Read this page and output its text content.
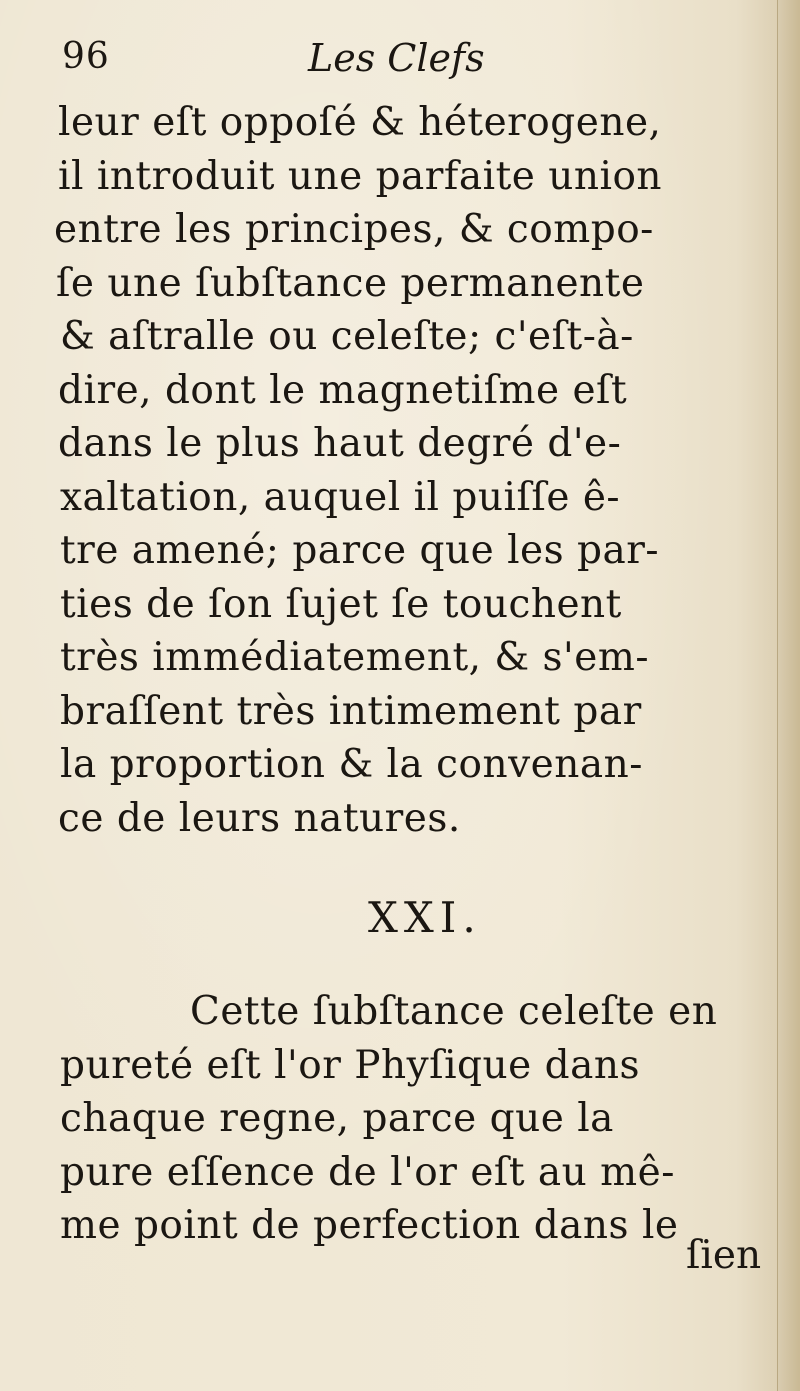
96	Les Clefs
leur eſt oppoſé & héterogene,
il introduit une parfaite union
entre les principes, & compo-
ſe une ſubſtance permanente
& aſtralle ou celeſte; c'eſt-à-
dire, dont le magnetiſme eſt
dans le plus haut degré d'e-
xaltation, auquel il puiſſe ê-
tre amené; parce que les par-
ties de ſon ſujet ſe touchent
très immédiatement, & s'em-
braſſent très intimement par
la proportion & la convenan-
ce de leurs natures.
XXI.
Cette ſubſtance celeſte en
pureté eſt l'or Phyſique dans
chaque regne, parce que la
pure eſſence de l'or eſt au mê-
me point de perfection dans le
ſien
